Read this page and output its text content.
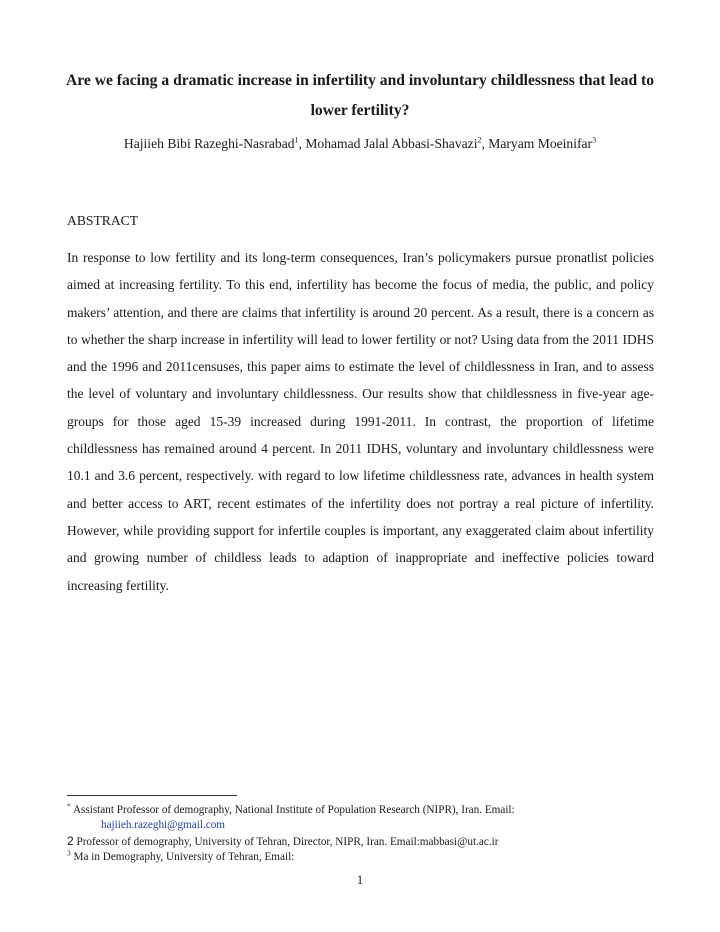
Are we facing a dramatic increase in infertility and involuntary childlessness that lead to lower fertility?
Hajiieh Bibi Razeghi-Nasrabad$^1$, Mohamad Jalal Abbasi-Shavazi$^2$, Maryam Moeinifar$^3$
ABSTRACT

In response to low fertility and its long-term consequences, Iran’s policymakers pursue pronatlist policies aimed at increasing fertility. To this end, infertility has become the focus of media, the public, and policy makers’ attention, and there are claims that infertility is around 20 percent. As a result, there is a concern as to whether the sharp increase in infertility will lead to lower fertility or not? Using data from the 2011 IDHS and the 1996 and 2011censuses, this paper aims to estimate the level of childlessness in Iran, and to assess the level of voluntary and involuntary childlessness. Our results show that childlessness in five-year age-groups for those aged 15-39 increased during 1991-2011. In contrast, the proportion of lifetime childlessness has remained around 4 percent. In 2011 IDHS, voluntary and involuntary childlessness were 10.1 and 3.6 percent, respectively. with regard to low lifetime childlessness rate, advances in health system and better access to ART, recent estimates of the infertility does not portray a real picture of infertility. However, while providing support for infertile couples is important, any exaggerated claim about infertility and growing number of childless leads to adaption of inappropriate and ineffective policies toward increasing fertility.

* Assistant Professor of demography, National Institute of Population Research (NIPR), Iran. Email:
hajiieh.razeghi@gmail.com

2 Professor of demography, University of Tehran, Director, NIPR, Iran. Email:mabbasi@ut.ac.ir

$^3$ Ma in Demography, University of Tehran, Email:

1
